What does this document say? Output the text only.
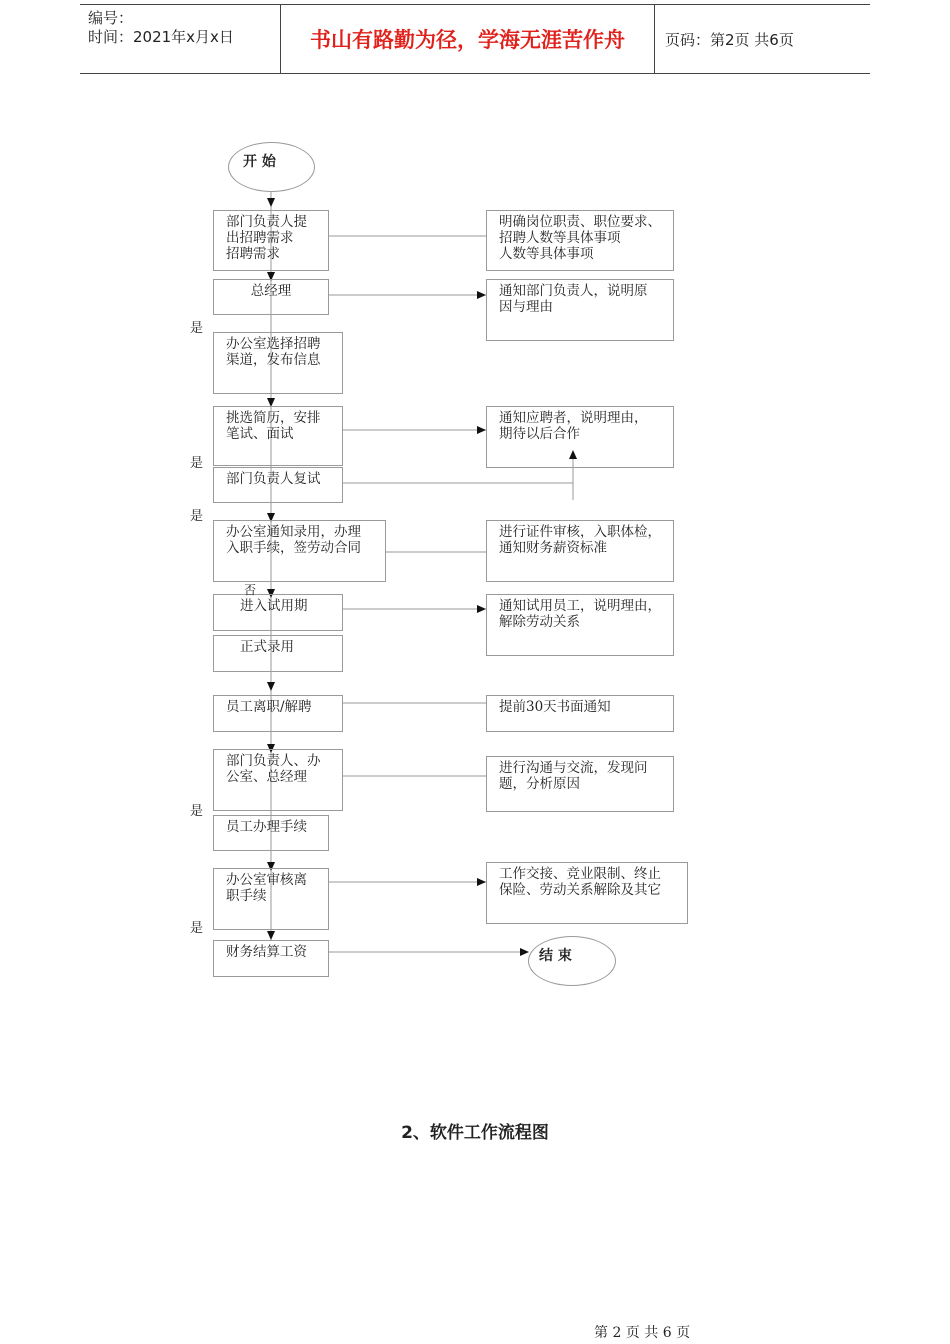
编号：
时间：2021年x月x日	书山有路勤为径，学海无涯苦作舟	页码：第2页 共6页
开 始
结 束
部门负责人提
出招聘需求
招聘需求
总经理
办公室选择招聘
渠道，发布信息
挑选简历，安排
笔试、面试
部门负责人复试
办公室通知录用，办理
入职手续，签劳动合同
进入试用期
正式录用
员工离职/解聘
部门负责人、办
公室、总经理
员工办理手续
办公室审核离
职手续
财务结算工资
明确岗位职责、职位要求、
招聘人数等具体事项
人数等具体事项
通知部门负责人，说明原
因与理由
通知应聘者，说明理由，
期待以后合作
进行证件审核，入职体检，
通知财务薪资标准
通知试用员工，说明理由，
解除劳动关系
提前30天书面通知
进行沟通与交流，发现问
题，分析原因
工作交接、竞业限制、终止
保险、劳动关系解除及其它
是
是
是
否
是
是
2、软件工作流程图
第 2 页 共 6 页
